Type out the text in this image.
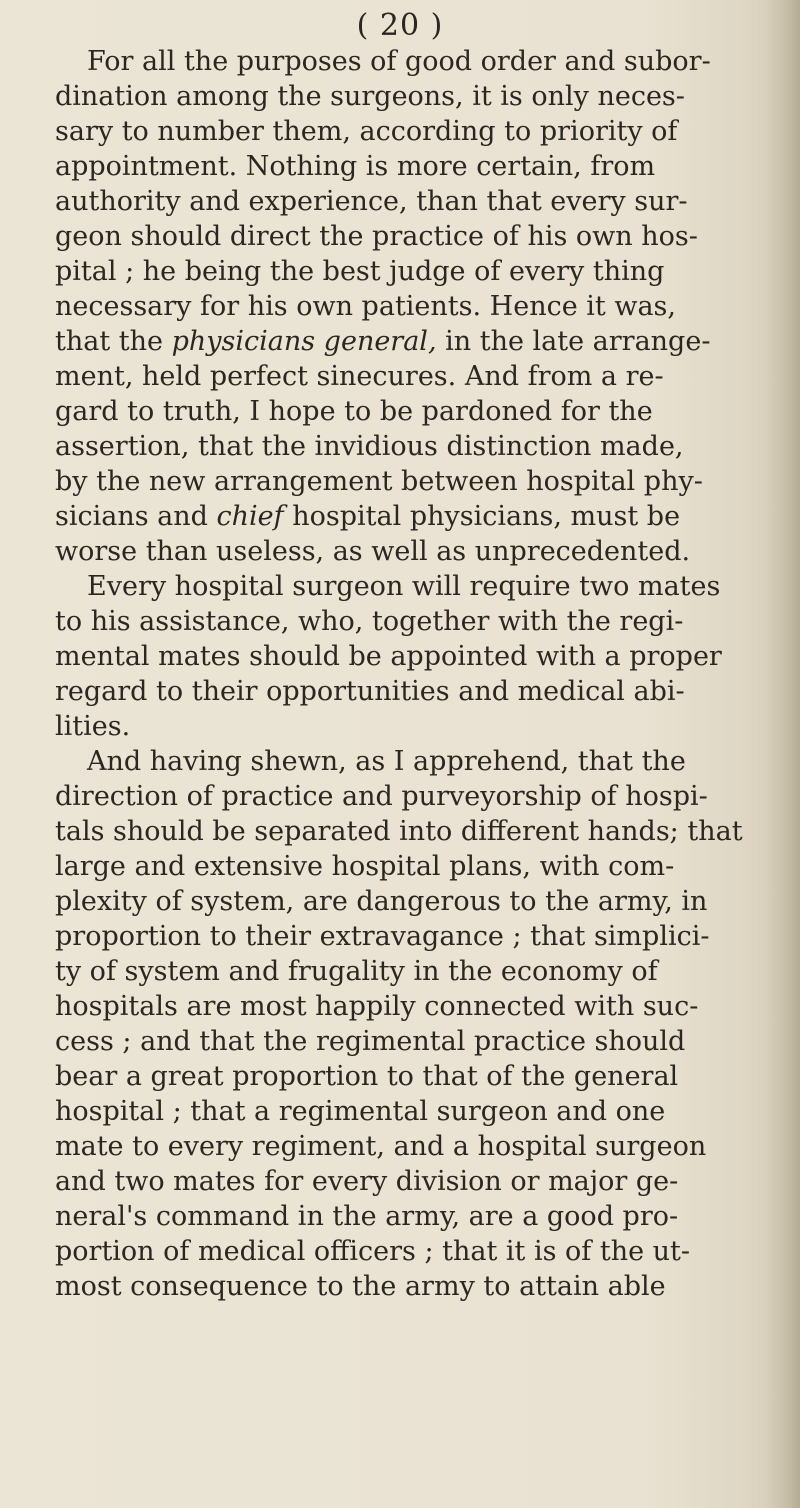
( 20 )
For all the purposes of good order and subor-
dination among the surgeons, it is only neces-
sary to number them, according to priority of
appointment. Nothing is more certain, from
authority and experience, than that every sur-
geon should direct the practice of his own hos-
pital ; he being the best judge of every thing
necessary for his own patients. Hence it was,
that the physicians general, in the late arrange-
ment, held perfect sinecures. And from a re-
gard to truth, I hope to be pardoned for the
assertion, that the invidious distinction made,
by the new arrangement between hospital phy-
sicians and chief hospital physicians, must be
worse than useless, as well as unprecedented.
Every hospital surgeon will require two mates
to his assistance, who, together with the regi-
mental mates should be appointed with a proper
regard to their opportunities and medical abi-
lities.
And having shewn, as I apprehend, that the
direction of practice and purveyorship of hospi-
tals should be separated into different hands; that
large and extensive hospital plans, with com-
plexity of system, are dangerous to the army, in
proportion to their extravagance ; that simplici-
ty of system and frugality in the economy of
hospitals are most happily connected with suc-
cess ; and that the regimental practice should
bear a great proportion to that of the general
hospital ; that a regimental surgeon and one
mate to every regiment, and a hospital surgeon
and two mates for every division or major ge-
neral's command in the army, are a good pro-
portion of medical officers ; that it is of the ut-
most consequence to the army to attain able
